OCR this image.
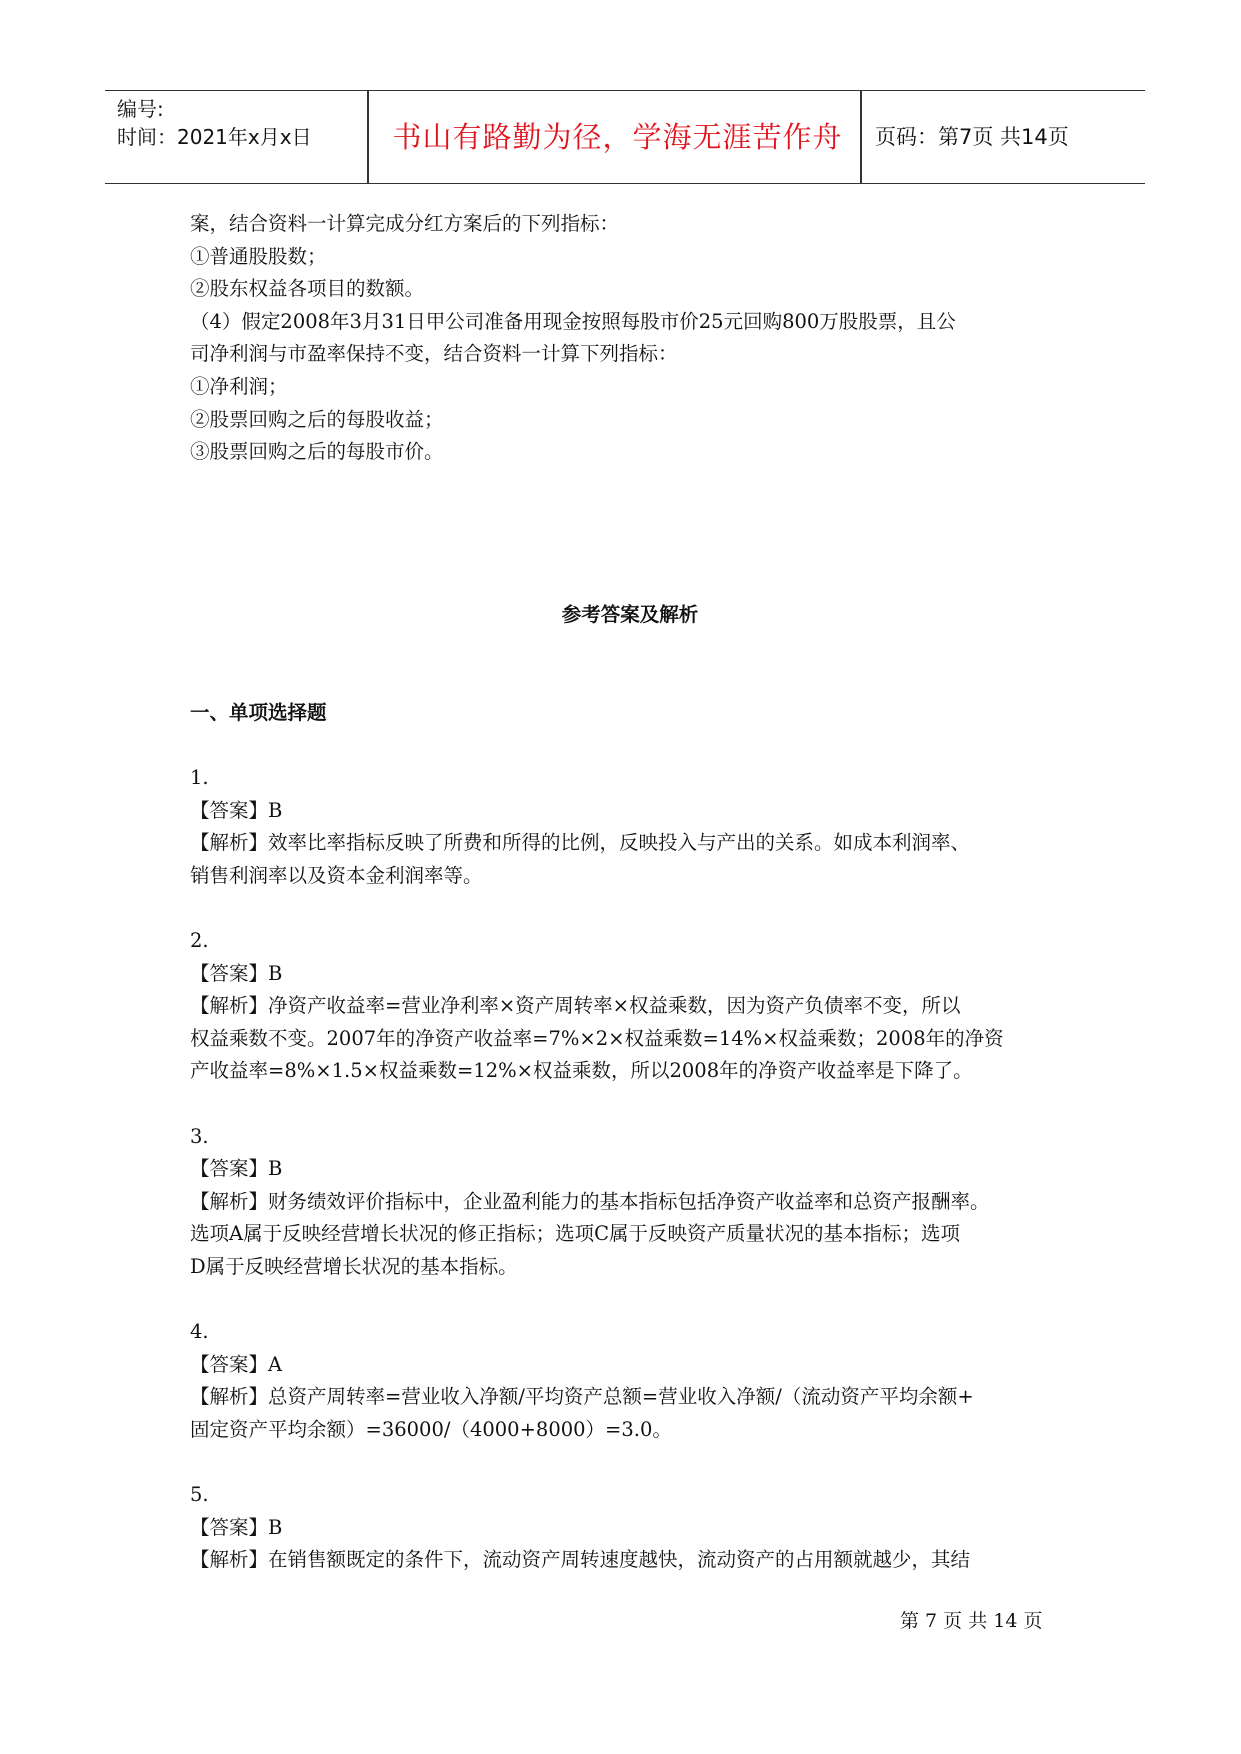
编号:
时间：2021年x月x日	书山有路勤为径，学海无涯苦作舟	页码：第7页 共14页
案，结合资料一计算完成分红方案后的下列指标：
①普通股股数；
②股东权益各项目的数额。
（4）假定2008年3月31日甲公司准备用现金按照每股市价25元回购800万股股票，且公
司净利润与市盈率保持不变，结合资料一计算下列指标：
①净利润；
②股票回购之后的每股收益；
③股票回购之后的每股市价。
参考答案及解析
一、单项选择题
1.
【答案】B
【解析】效率比率指标反映了所费和所得的比例，反映投入与产出的关系。如成本利润率、
销售利润率以及资本金利润率等。
2.
【答案】B
【解析】净资产收益率=营业净利率×资产周转率×权益乘数，因为资产负债率不变，所以
权益乘数不变。2007年的净资产收益率=7%×2×权益乘数=14%×权益乘数；2008年的净资
产收益率=8%×1.5×权益乘数=12%×权益乘数，所以2008年的净资产收益率是下降了。
3.
【答案】B
【解析】财务绩效评价指标中，企业盈利能力的基本指标包括净资产收益率和总资产报酬率。
选项A属于反映经营增长状况的修正指标；选项C属于反映资产质量状况的基本指标；选项
D属于反映经营增长状况的基本指标。
4.
【答案】A
【解析】总资产周转率=营业收入净额/平均资产总额=营业收入净额/（流动资产平均余额+
固定资产平均余额）=36000/（4000+8000）=3.0。
5.
【答案】B
【解析】在销售额既定的条件下，流动资产周转速度越快，流动资产的占用额就越少，其结
第 7 页 共 14 页
